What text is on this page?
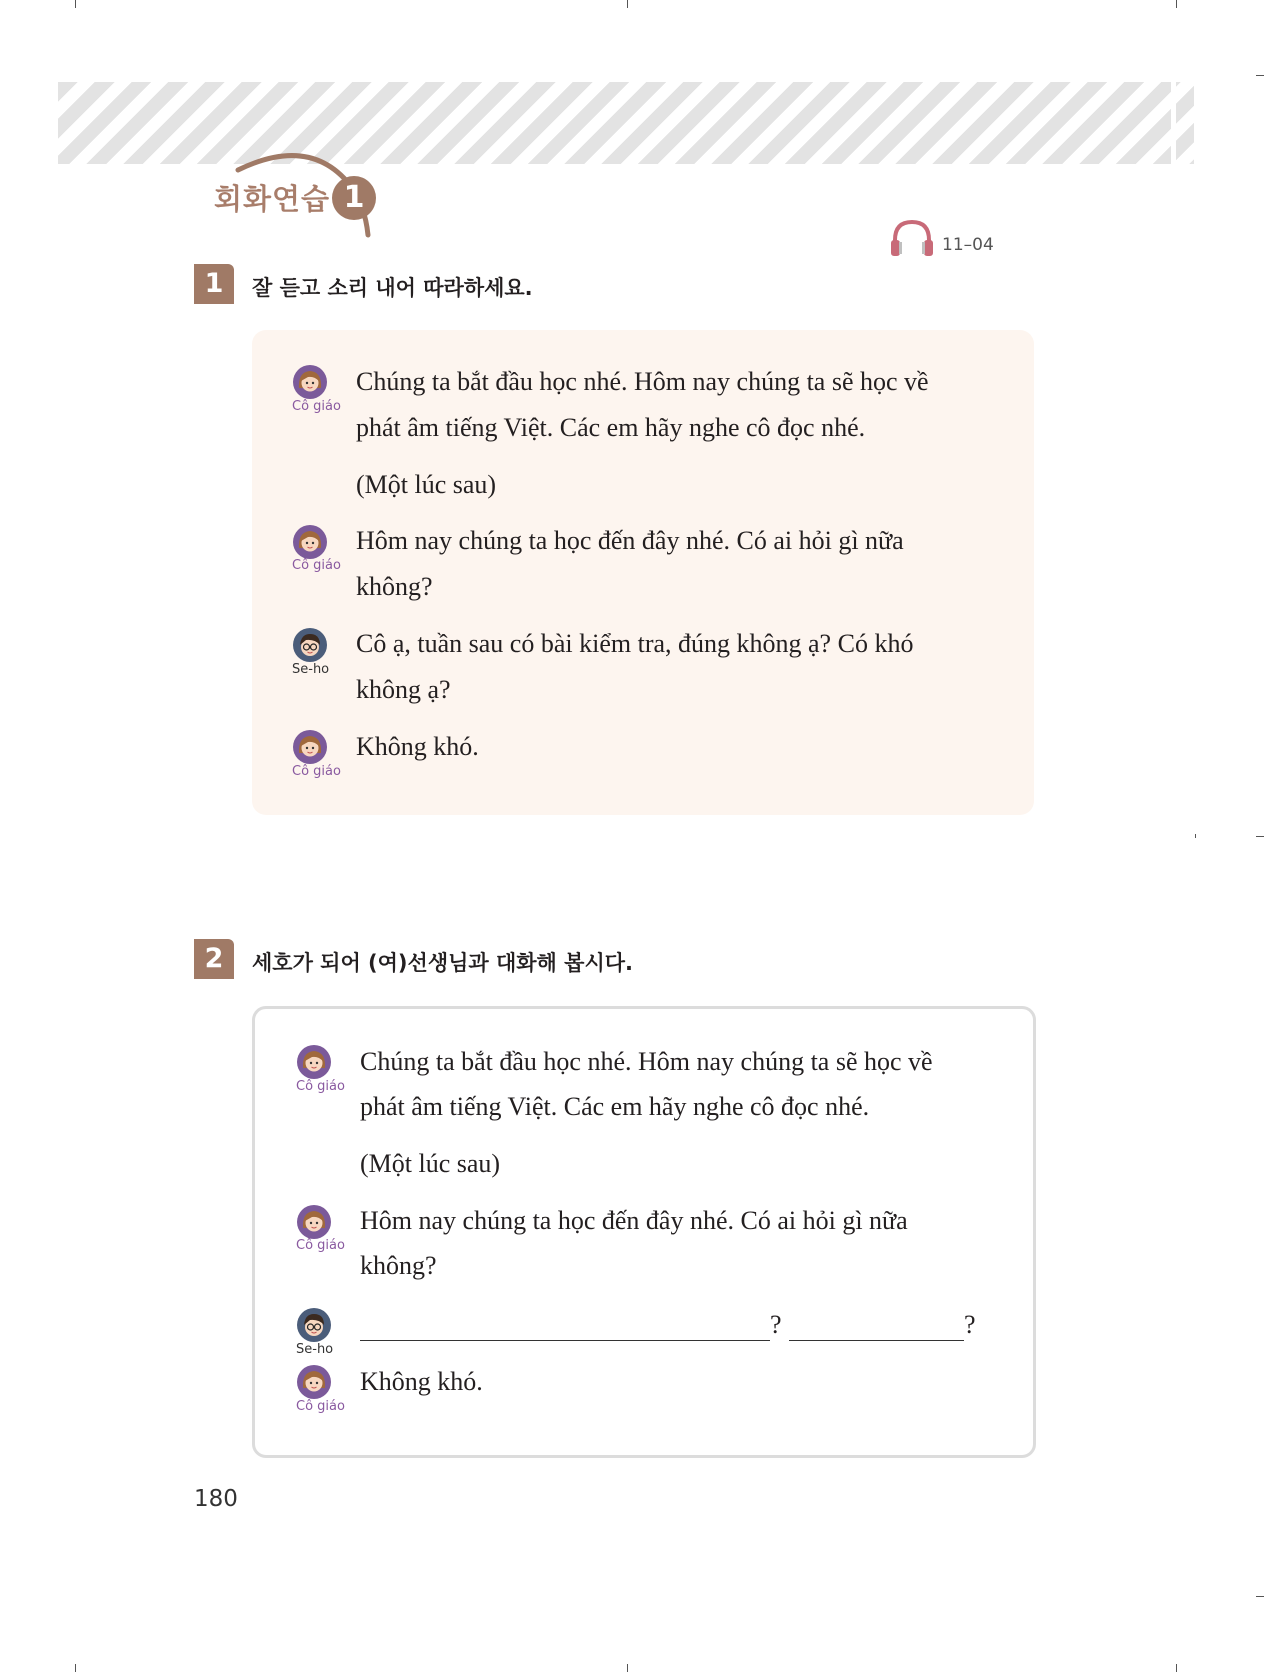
회화연습 1
11–04
1	잘 듣고 소리 내어 따라하세요.
Cô giáo
Chúng ta bắt đầu học nhé. Hôm nay chúng ta sẽ học về
phát âm tiếng Việt. Các em hãy nghe cô đọc nhé.
(Một lúc sau)
Cô giáo
Hôm nay chúng ta học đến đây nhé. Có ai hỏi gì nữa
không?
Se-ho
Cô ạ, tuần sau có bài kiểm tra, đúng không ạ? Có khó
không ạ?
Cô giáo
Không khó.
2	세호가 되어 (여)선생님과 대화해 봅시다.
Cô giáo
Chúng ta bắt đầu học nhé. Hôm nay chúng ta sẽ học về
phát âm tiếng Việt. Các em hãy nghe cô đọc nhé.
(Một lúc sau)
Cô giáo
Hôm nay chúng ta học đến đây nhé. Có ai hỏi gì nữa
không?
Se-ho
?	?
Cô giáo
Không khó.
180
